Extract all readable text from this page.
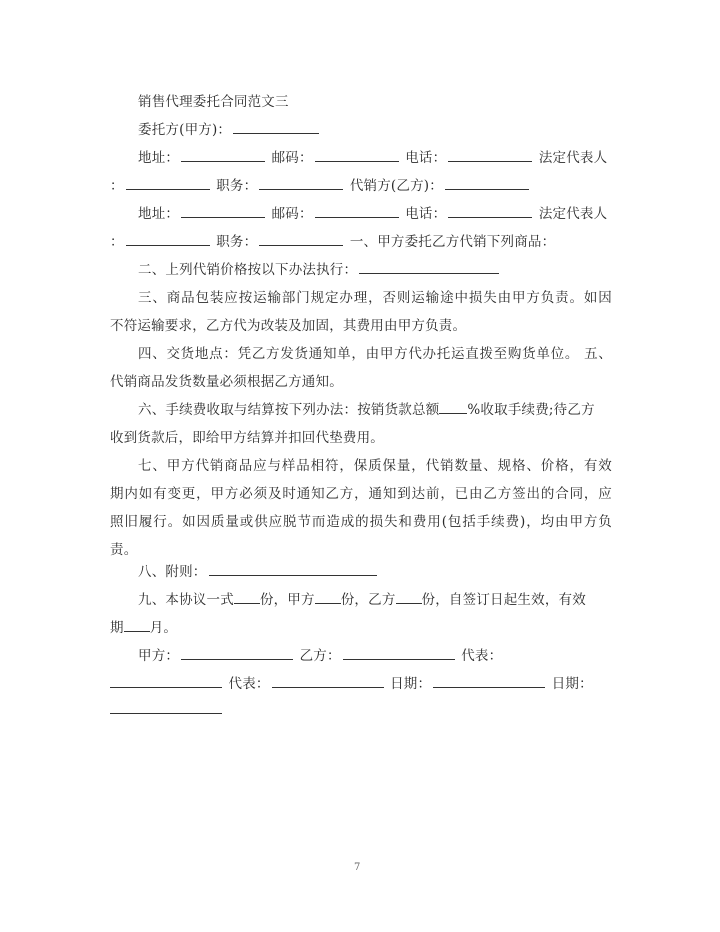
销售代理委托合同范文三
委托方(甲方)：
地址：	邮码：	电话：	法定代表人
：	职务：	代销方(乙方)：
地址：	邮码：	电话：	法定代表人
：	职务：	一、甲方委托乙方代销下列商品：
二、上列代销价格按以下办法执行：
三、商品包装应按运输部门规定办理，否则运输途中损失由甲方负责。如因
不符运输要求，乙方代为改装及加固，其费用由甲方负责。
四、交货地点：凭乙方发货通知单，由甲方代办托运直拨至购货单位。 五、
代销商品发货数量必须根据乙方通知。
六、手续费收取与结算按下列办法：按销货款总额 %收取手续费;待乙方
收到货款后，即给甲方结算并扣回代垫费用。
七、甲方代销商品应与样品相符，保质保量，代销数量、规格、价格，有效
期内如有变更，甲方必须及时通知乙方，通知到达前，已由乙方签出的合同，应
照旧履行。如因质量或供应脱节而造成的损失和费用(包括手续费)，均由甲方负
责。
八、附则：
九、本协议一式 份，甲方 份，乙方 份，自签订日起生效，有效
期 月。
甲方：	乙方：	代表：
代表：	日期：	日期：
7
